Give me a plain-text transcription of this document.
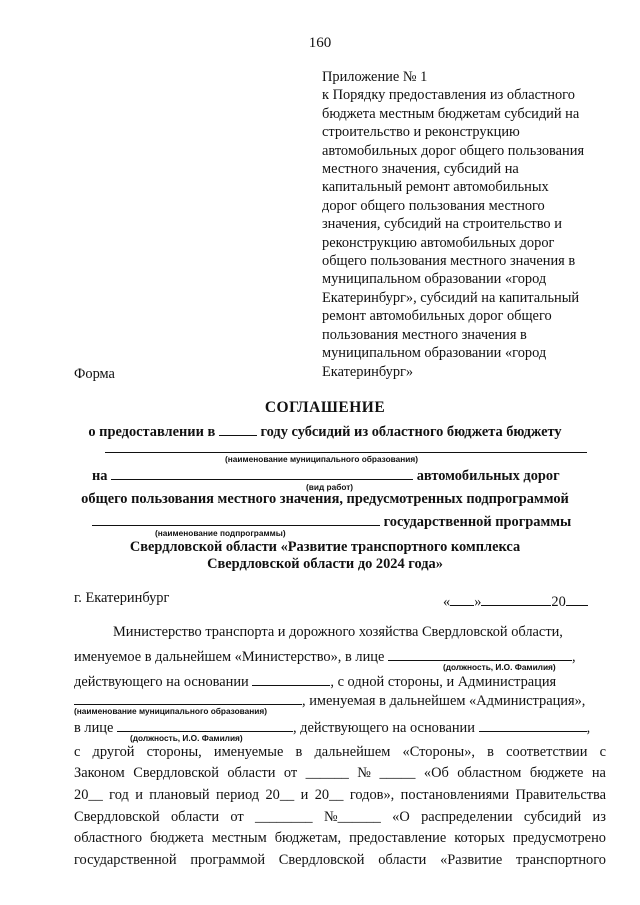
160
Приложение № 1
к Порядку предоставления из областного
бюджета местным бюджетам субсидий на
строительство и реконструкцию
автомобильных дорог общего пользования
местного значения, субсидий на
капитальный ремонт автомобильных
дорог общего пользования местного
значения, субсидий на строительство и
реконструкцию автомобильных дорог
общего пользования местного значения в
муниципальном образовании «город
Екатеринбург», субсидий на капитальный
ремонт автомобильных дорог общего
пользования местного значения в
муниципальном образовании «город
Екатеринбург»
Форма
СОГЛАШЕНИЕ
о предоставлении в	году субсидий из областного бюджета бюджету
(наименование муниципального образования)
на	автомобильных дорог
(вид работ)
общего пользования местного значения, предусмотренных подпрограммой
государственной программы
(наименование подпрограммы)
Свердловской области «Развитие транспортного комплекса
Свердловской области до 2024 года»
г. Екатеринбург	« »	20
Министерство транспорта и дорожного хозяйства Свердловской области,
именуемое в дальнейшем «Министерство», в лице	,
(должность, И.О. Фамилия)
действующего на основании	, с одной стороны, и Администрация
, именуемая в дальнейшем «Администрация»,
(наименование муниципального образования)
в лице	, действующего на основании	,
(должность, И.О. Фамилия)
с другой стороны, именуемые в дальнейшем «Стороны», в соответствии с
Законом Свердловской области от ______ № _____ «Об областном бюджете на
20__ год и плановый период 20__ и 20__ годов», постановлениями Правительства
Свердловской области от ________ №______ «О распределении субсидий из
областного бюджета местным бюджетам, предоставление которых предусмотрено
государственной программой Свердловской области «Развитие транспортного
